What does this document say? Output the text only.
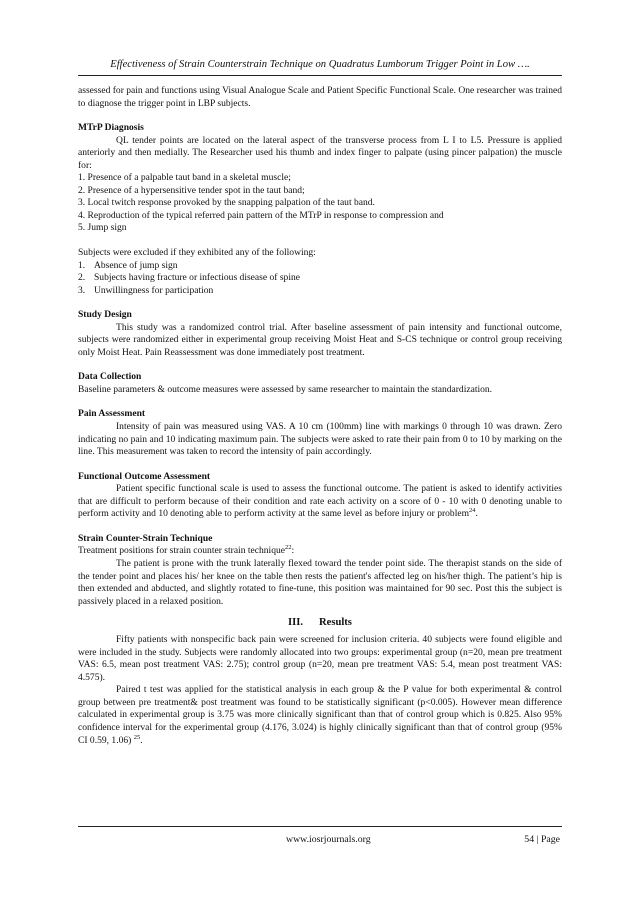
Effectiveness of Strain Counterstrain Technique on Quadratus Lumborum Trigger Point in Low ….

assessed for pain and functions using Visual Analogue Scale and Patient Specific Functional Scale. One researcher was trained to diagnose the trigger point in LBP subjects.

MTrP Diagnosis

QL tender points are located on the lateral aspect of the transverse process from L I to L5. Pressure is applied anteriorly and then medially. The Researcher used his thumb and index finger to palpate (using pincer palpation) the muscle for:

1. Presence of a palpable taut band in a skeletal muscle;

2. Presence of a hypersensitive tender spot in the taut band;

3. Local twitch response provoked by the snapping palpation of the taut band.

4. Reproduction of the typical referred pain pattern of the MTrP in response to compression and

5. Jump sign

Subjects were excluded if they exhibited any of the following:

1. Absence of jump sign
2. Subjects having fracture or infectious disease of spine
3. Unwillingness for participation

Study Design

This study was a randomized control trial. After baseline assessment of pain intensity and functional outcome, subjects were randomized either in experimental group receiving Moist Heat and S-CS technique or control group receiving only Moist Heat. Pain Reassessment was done immediately post treatment.

Data Collection

Baseline parameters & outcome measures were assessed by same researcher to maintain the standardization.

Pain Assessment

Intensity of pain was measured using VAS. A 10 cm (100mm) line with markings 0 through 10 was drawn. Zero indicating no pain and 10 indicating maximum pain. The subjects were asked to rate their pain from 0 to 10 by marking on the line. This measurement was taken to record the intensity of pain accordingly.

Functional Outcome Assessment

Patient specific functional scale is used to assess the functional outcome. The patient is asked to identify activities that are difficult to perform because of their condition and rate each activity on a score of 0 - 10 with 0 denoting unable to perform activity and 10 denoting able to perform activity at the same level as before injury or problem$^{24}$.

Strain Counter-Strain Technique

Treatment positions for strain counter strain technique$^{22}$:

The patient is prone with the trunk laterally flexed toward the tender point side. The therapist stands on the side of the tender point and places his/ her knee on the table then rests the patient's affected leg on his/her thigh. The patient’s hip is then extended and abducted, and slightly rotated to fine-tune, this position was maintained for 90 sec. Post this the subject is passively placed in a relaxed position.

III. Results

Fifty patients with nonspecific back pain were screened for inclusion criteria. 40 subjects were found eligible and were included in the study. Subjects were randomly allocated into two groups: experimental group (n=20, mean pre treatment VAS: 6.5, mean post treatment VAS: 2.75); control group (n=20, mean pre treatment VAS: 5.4, mean post treatment VAS: 4.575).

Paired t test was applied for the statistical analysis in each group & the P value for both experimental & control group between pre treatment& post treatment was found to be statistically significant (p<0.005). However mean difference calculated in experimental group is 3.75 was more clinically significant than that of control group which is 0.825. Also 95% confidence interval for the experimental group (4.176, 3.024) is highly clinically significant than that of control group (95% CI 0.59, 1.06) $^{25}$.

www.iosrjournals.org	54 | Page
